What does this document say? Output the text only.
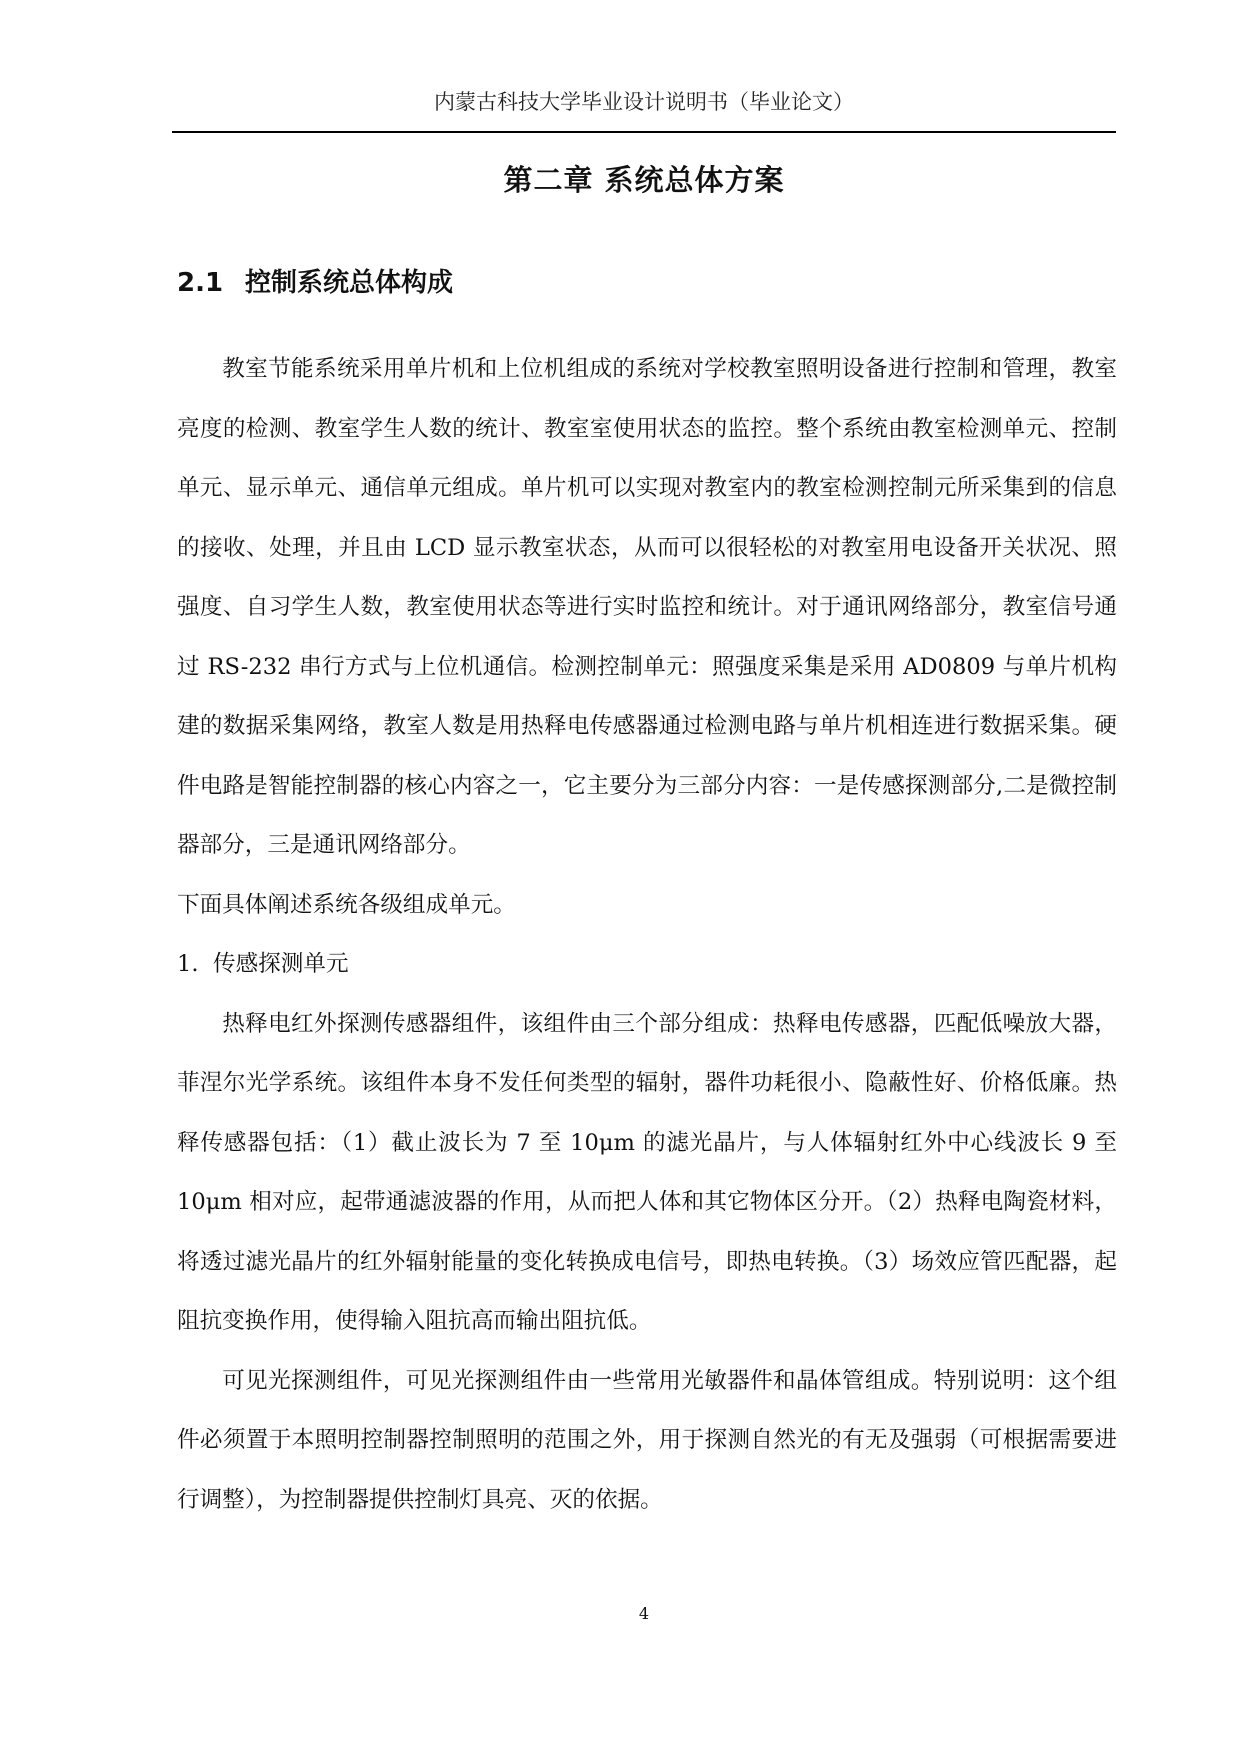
内蒙古科技大学毕业设计说明书（毕业论文）
第二章 系统总体方案
2.1 控制系统总体构成

教室节能系统采用单片机和上位机组成的系统对学校教室照明设备进行控制和管理，教室亮度的检测、教室学生人数的统计、教室室使用状态的监控。整个系统由教室检测单元、控制单元、显示单元、通信单元组成。单片机可以实现对教室内的教室检测控制元所采集到的信息的接收、处理，并且由 LCD 显示教室状态，从而可以很轻松的对教室用电设备开关状况、照强度、自习学生人数，教室使用状态等进行实时监控和统计。对于通讯网络部分，教室信号通过 RS-232 串行方式与上位机通信。检测控制单元：照强度采集是采用 AD0809 与单片机构建的数据采集网络，教室人数是用热释电传感器通过检测电路与单片机相连进行数据采集。硬件电路是智能控制器的核心内容之一，它主要分为三部分内容：一是传感探测部分,二是微控制器部分，三是通讯网络部分。

下面具体阐述系统各级组成单元。

1. 传感探测单元

热释电红外探测传感器组件，该组件由三个部分组成：热释电传感器，匹配低噪放大器，菲涅尔光学系统。该组件本身不发任何类型的辐射，器件功耗很小、隐蔽性好、价格低廉。热释传感器包括：（1）截止波长为 7 至 10μm 的滤光晶片，与人体辐射红外中心线波长 9 至 10μm 相对应，起带通滤波器的作用，从而把人体和其它物体区分开。（2）热释电陶瓷材料，将透过滤光晶片的红外辐射能量的变化转换成电信号，即热电转换。（3）场效应管匹配器，起阻抗变换作用，使得输入阻抗高而输出阻抗低。

可见光探测组件，可见光探测组件由一些常用光敏器件和晶体管组成。特别说明：这个组件必须置于本照明控制器控制照明的范围之外，用于探测自然光的有无及强弱（可根据需要进行调整），为控制器提供控制灯具亮、灭的依据。

4
